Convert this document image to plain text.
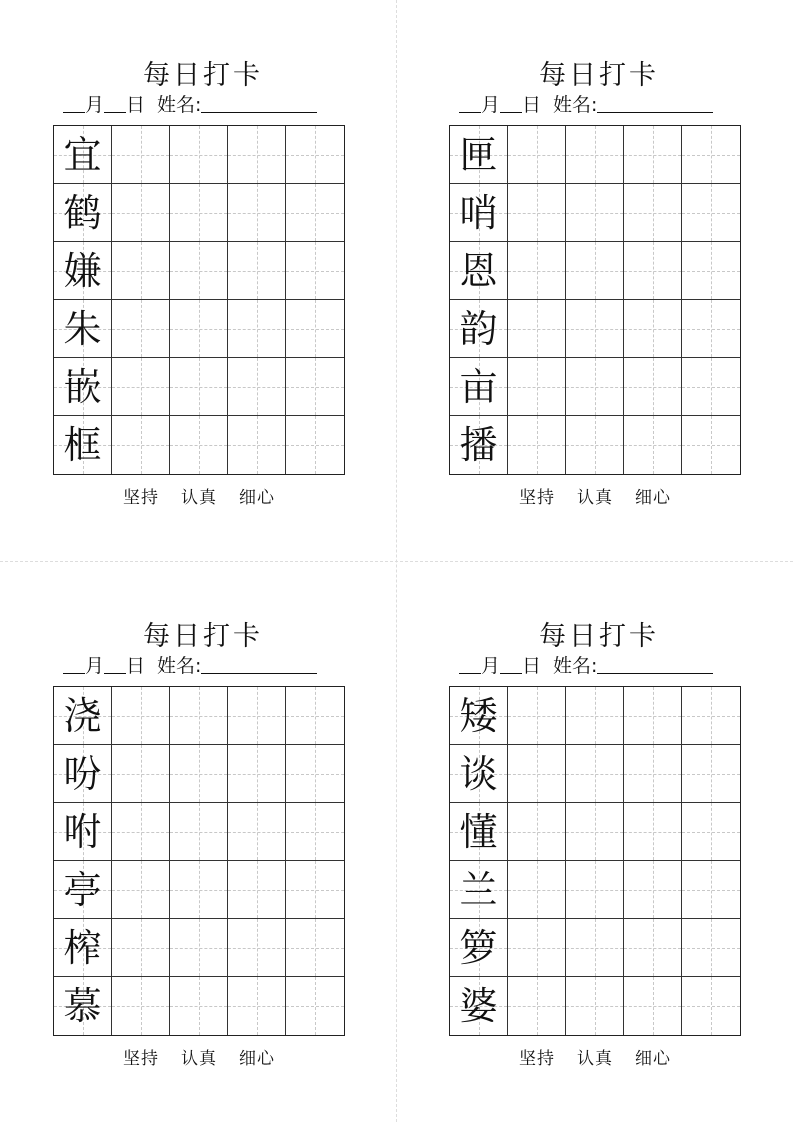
每日打卡
月 日 姓名:
宜
鹤
嫌
朱
嵌
框
坚持 认真 细心
每日打卡
月 日 姓名:
匣
哨
恩
韵
亩
播
坚持 认真 细心
每日打卡
月 日 姓名:
浇
吩
咐
亭
榨
慕
坚持 认真 细心
每日打卡
月 日 姓名:
矮
谈
懂
兰
箩
婆
坚持 认真 细心
